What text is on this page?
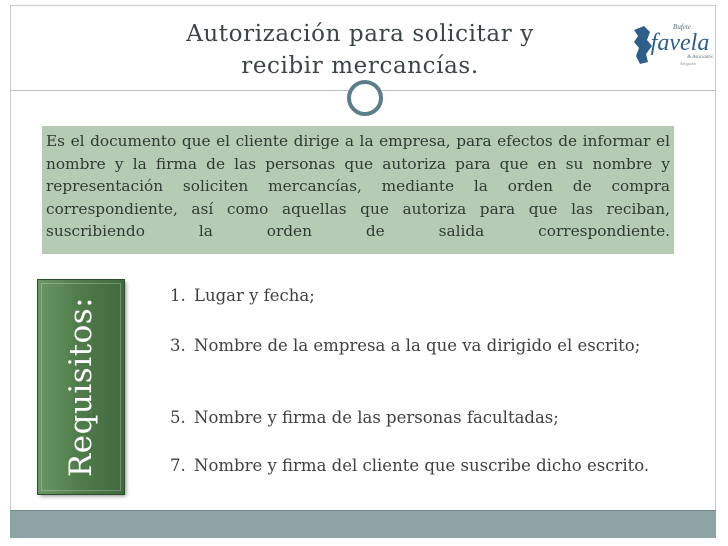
Autorización para solicitar y
recibir mercancías.
Bufete
favela
& Asociados
Abogados

Es el documento que el cliente dirige a la empresa, para efectos de informar el nombre y la firma de las personas que autoriza para que en su nombre y representación soliciten mercancías, mediante la orden de compra correspondiente, así como aquellas que autoriza para que las reciban, suscribiendo la orden de salida correspondiente.

Requisitos:
1. Lugar y fecha;
3. Nombre de la empresa a la que va dirigido el escrito;
5. Nombre y firma de las personas facultadas;
7. Nombre y firma del cliente que suscribe dicho escrito.
